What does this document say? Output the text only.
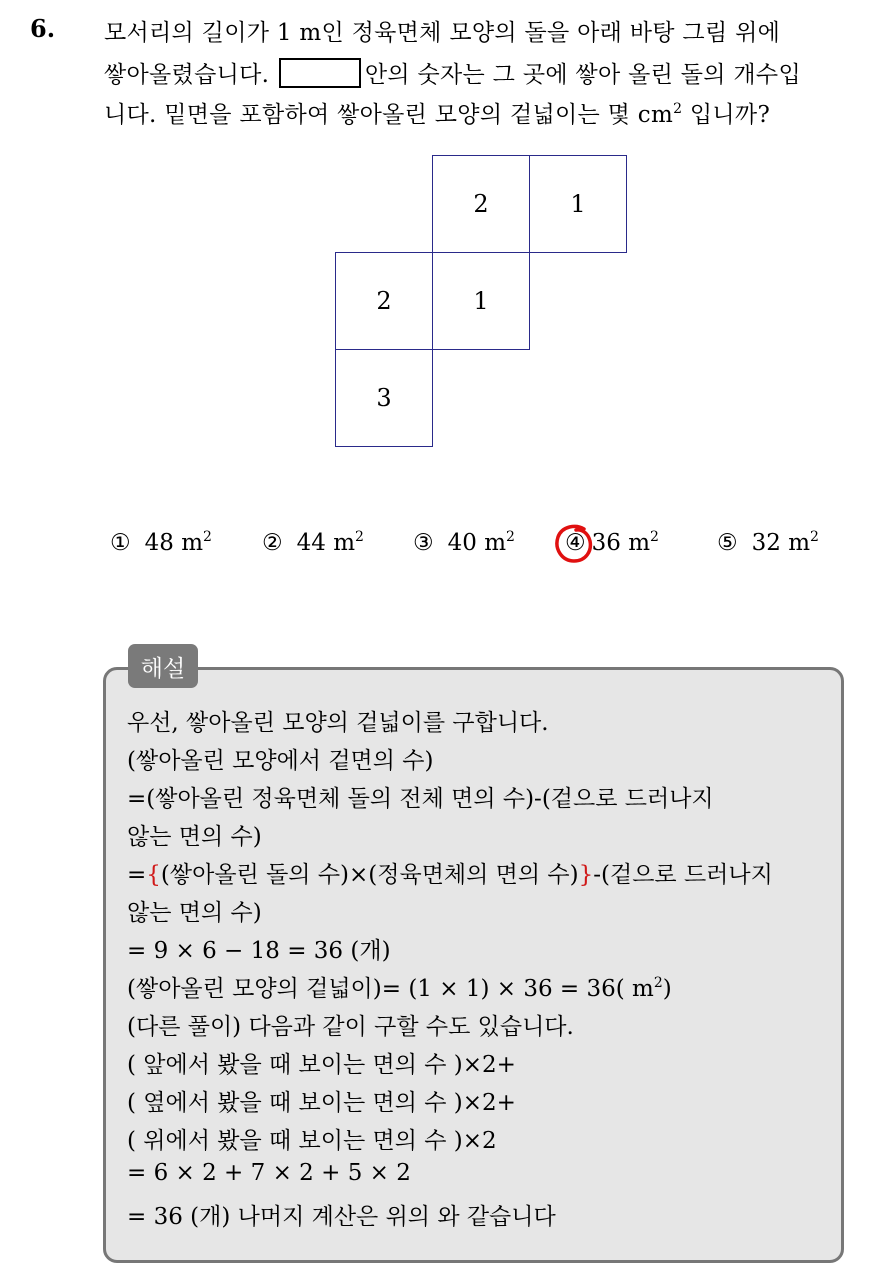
6. 모서리의 길이가 1 m인 정육면체 모양의 돌을 아래 바탕 그림 위에
쌓아올렸습니다.	안의 숫자는 그 곳에 쌓아 올린 돌의 개수입
니다. 밑면을 포함하여 쌓아올린 모양의 겉넓이는 몇 $cm^2$ 입니까?
2	1
2	1
3
① 48 $m^2$ ② 44 $m^2$ ③ 40 $m^2$ ④ 36 $m^2$	⑤ 32 $m^2$
해설
우선, 쌓아올린 모양의 겉넓이를 구합니다.
(쌓아올린 모양에서 겉면의 수)
=(쌓아올린 정육면체 돌의 전체 면의 수)-(겉으로 드러나지
않는 면의 수)
={(쌓아올린 돌의 수)×(정육면체의 면의 수)}-(겉으로 드러나지
않는 면의 수)
= 9 × 6 − 18 = 36 (개)
(쌓아올린 모양의 겉넓이)= (1 × 1) × 36 = 36( $m^2$)
(다른 풀이) 다음과 같이 구할 수도 있습니다.
( 앞에서 봤을 때 보이는 면의 수 )×2+
( 옆에서 봤을 때 보이는 면의 수 )×2+
( 위에서 봤을 때 보이는 면의 수 )×2
= 6 × 2 + 7 × 2 + 5 × 2
= 36 (개) 나머지 계산은 위의 와 같습니다
